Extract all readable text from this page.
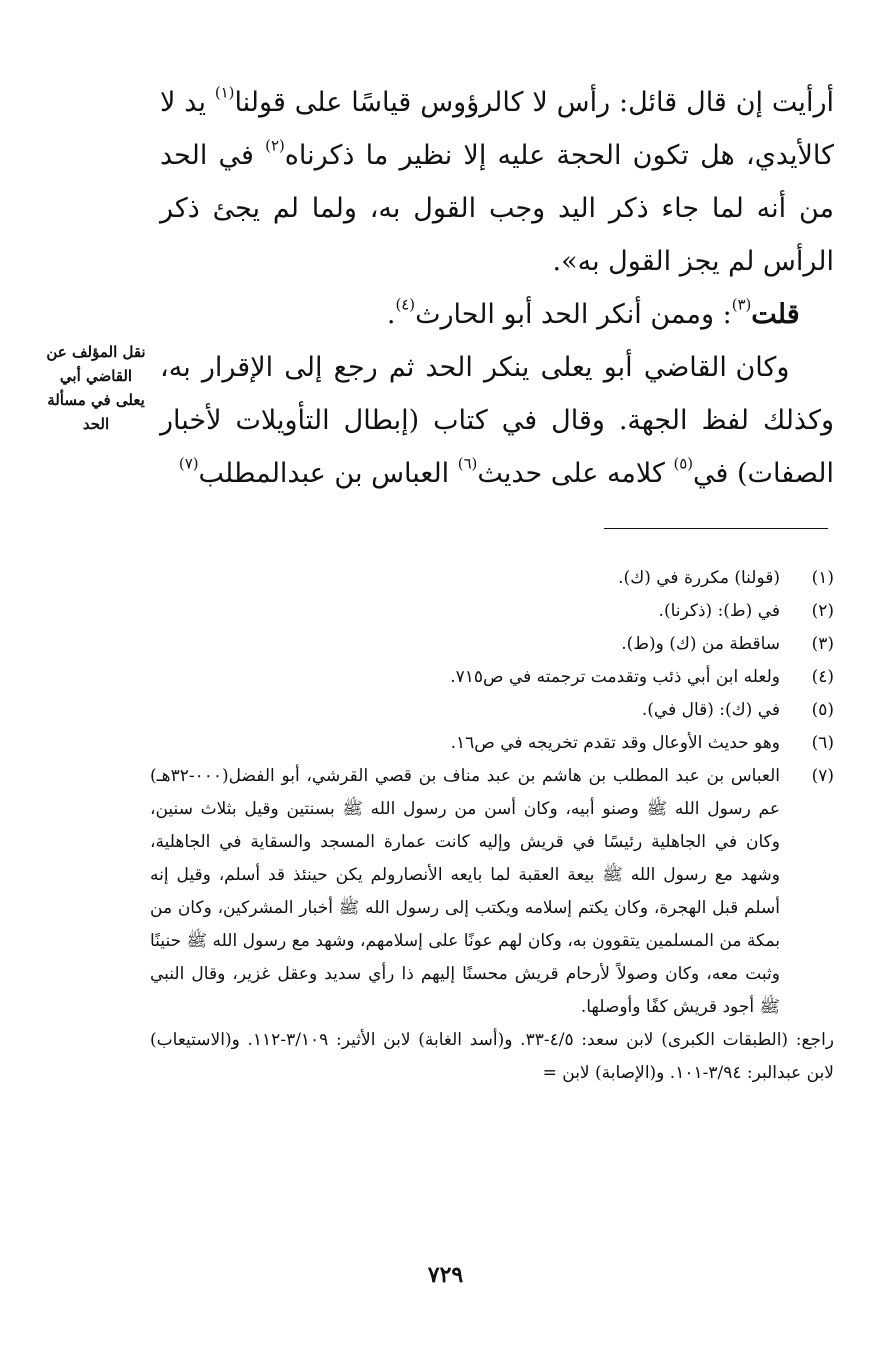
أرأيت إن قال قائل: رأس لا كالرؤوس قياسًا على قولنا$^{(١)}$ يد لا كالأيدي، هل تكون الحجة عليه إلا نظير ما ذكرناه$^{(٢)}$ في الحد من أنه لما جاء ذكر اليد وجب القول به، ولما لم يجئ ذكر الرأس لم يجز القول به».

قلت$^{(٣)}$: وممن أنكر الحد أبو الحارث$^{(٤)}$.

وكان القاضي أبو يعلى ينكر الحد ثم رجع إلى الإقرار به، وكذلك لفظ الجهة. وقال في كتاب (إبطال التأويلات لأخبار الصفات) في$^{(٥)}$ كلامه على حديث$^{(٦)}$ العباس بن عبدالمطلب$^{(٧)}$

نقل المؤلف عن القاضي أبي يعلى في مسألة الحد
(١)
(قولنا) مكررة في (ك).
(٢)
في (ط): (ذكرنا).
(٣)
ساقطة من (ك) و(ط).
(٤)
ولعله ابن أبي ذئب وتقدمت ترجمته في ص٧١٥.
(٥)
في (ك): (قال في).
(٦)
وهو حديث الأوعال وقد تقدم تخريجه في ص١٦.
(٧)
العباس بن عبد المطلب بن هاشم بن عبد مناف بن قصي القرشي، أبو الفضل(٠٠٠-٣٢هـ) عم رسول الله ﷺ وصنو أبيه، وكان أسن من رسول الله ﷺ بسنتين وقيل بثلاث سنين، وكان في الجاهلية رئيسًا في قريش وإليه كانت عمارة المسجد والسقاية في الجاهلية، وشهد مع رسول الله ﷺ بيعة العقبة لما بايعه الأنصارولم يكن حينئذ قد أسلم، وقيل إنه أسلم قبل الهجرة، وكان يكتم إسلامه ويكتب إلى رسول الله ﷺ أخبار المشركين، وكان من بمكة من المسلمين يتقوون به، وكان لهم عونًا على إسلامهم، وشهد مع رسول الله ﷺ حنينًا وثبت معه، وكان وصولاً لأرحام قريش محسنًا إليهم ذا رأي سديد وعقل غزير، وقال النبي ﷺ أجود قريش كفًا وأوصلها.
راجع: (الطبقات الكبرى) لابن سعد: ٤/٥-٣٣. و(أسد الغابة) لابن الأثير: ٣/١٠٩-١١٢. و(الاستيعاب) لابن عبدالبر: ٣/٩٤-١٠١. و(الإصابة) لابن =
٧٢٩
